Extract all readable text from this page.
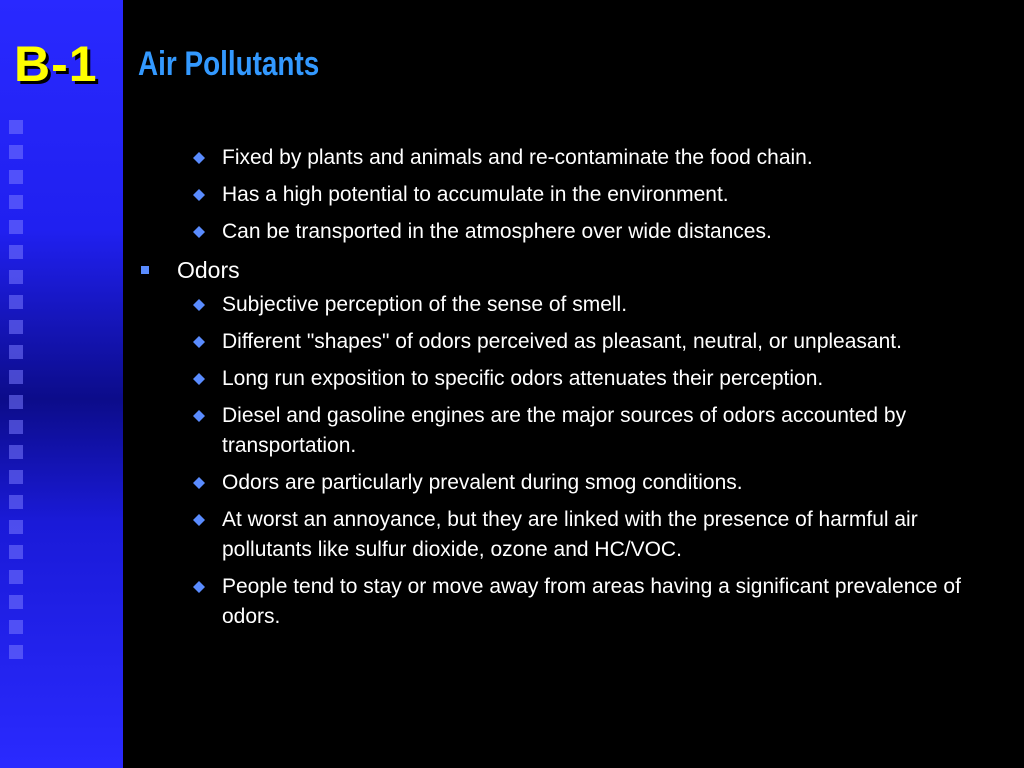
B-1 Air Pollutants
Fixed by plants and animals and re-contaminate the food chain.
Has a high potential to accumulate in the environment.
Can be transported in the atmosphere over wide distances.
Odors
Subjective perception of the sense of smell.
Different "shapes" of odors perceived as pleasant, neutral, or unpleasant.
Long run exposition to specific odors attenuates their perception.
Diesel and gasoline engines are the major sources of odors accounted by transportation.
Odors are particularly prevalent during smog conditions.
At worst an annoyance, but they are linked with the presence of harmful air pollutants like sulfur dioxide, ozone and HC/VOC.
People tend to stay or move away from areas having a significant prevalence of odors.
